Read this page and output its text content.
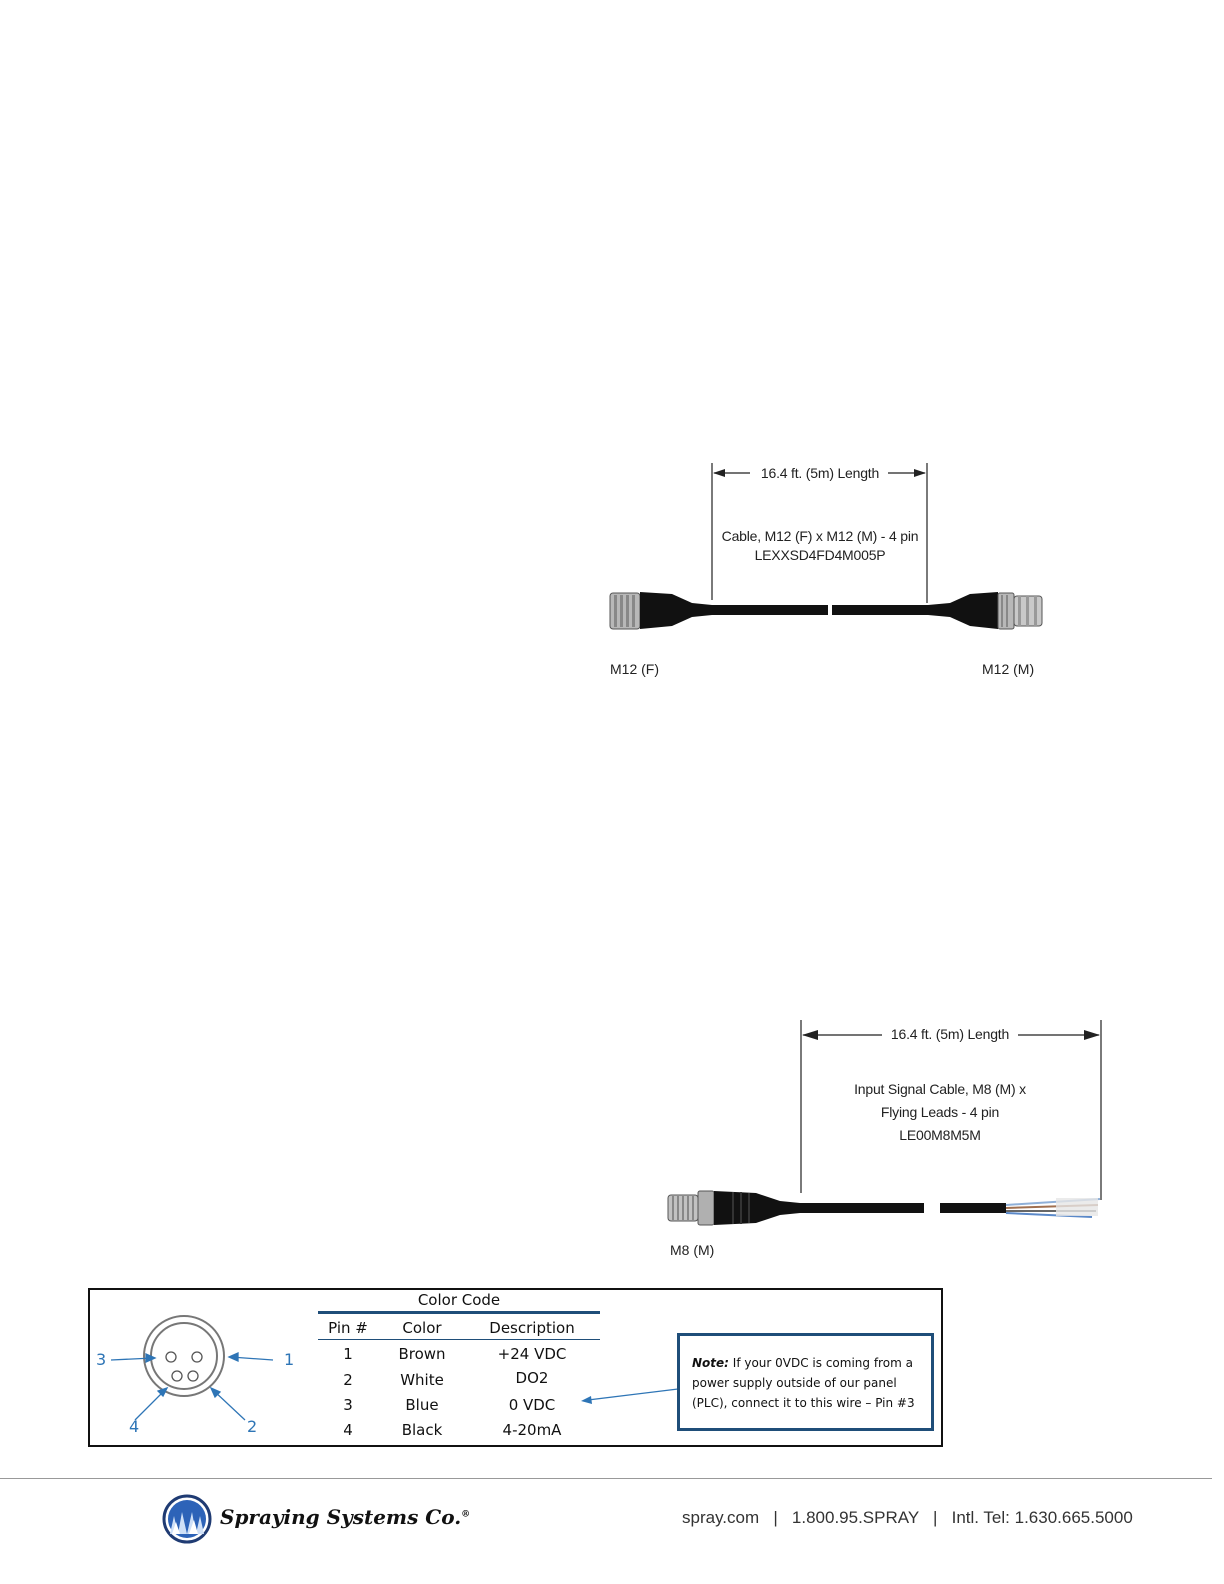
16.4 ft. (5m) Length
Cable, M12 (F) x M12 (M) - 4 pin
LEXXSD4FD4M005P
M12 (F)	M12 (M)
16.4 ft. (5m) Length
Input Signal Cable, M8 (M) x
Flying Leads - 4 pin
LE00M8M5M
M8 (M)
1
2
3
4
Color Code
Pin #	Color	Description
1	Brown	+24 VDC
2	White	DO2
3	Blue	0 VDC
4	Black	4-20mA
Note: If your 0VDC is coming from a power supply outside of our panel (PLC), connect it to this wire – Pin #3
Spraying Systems Co.®	spray.com   |   1.800.95.SPRAY   |   Intl. Tel: 1.630.665.5000
